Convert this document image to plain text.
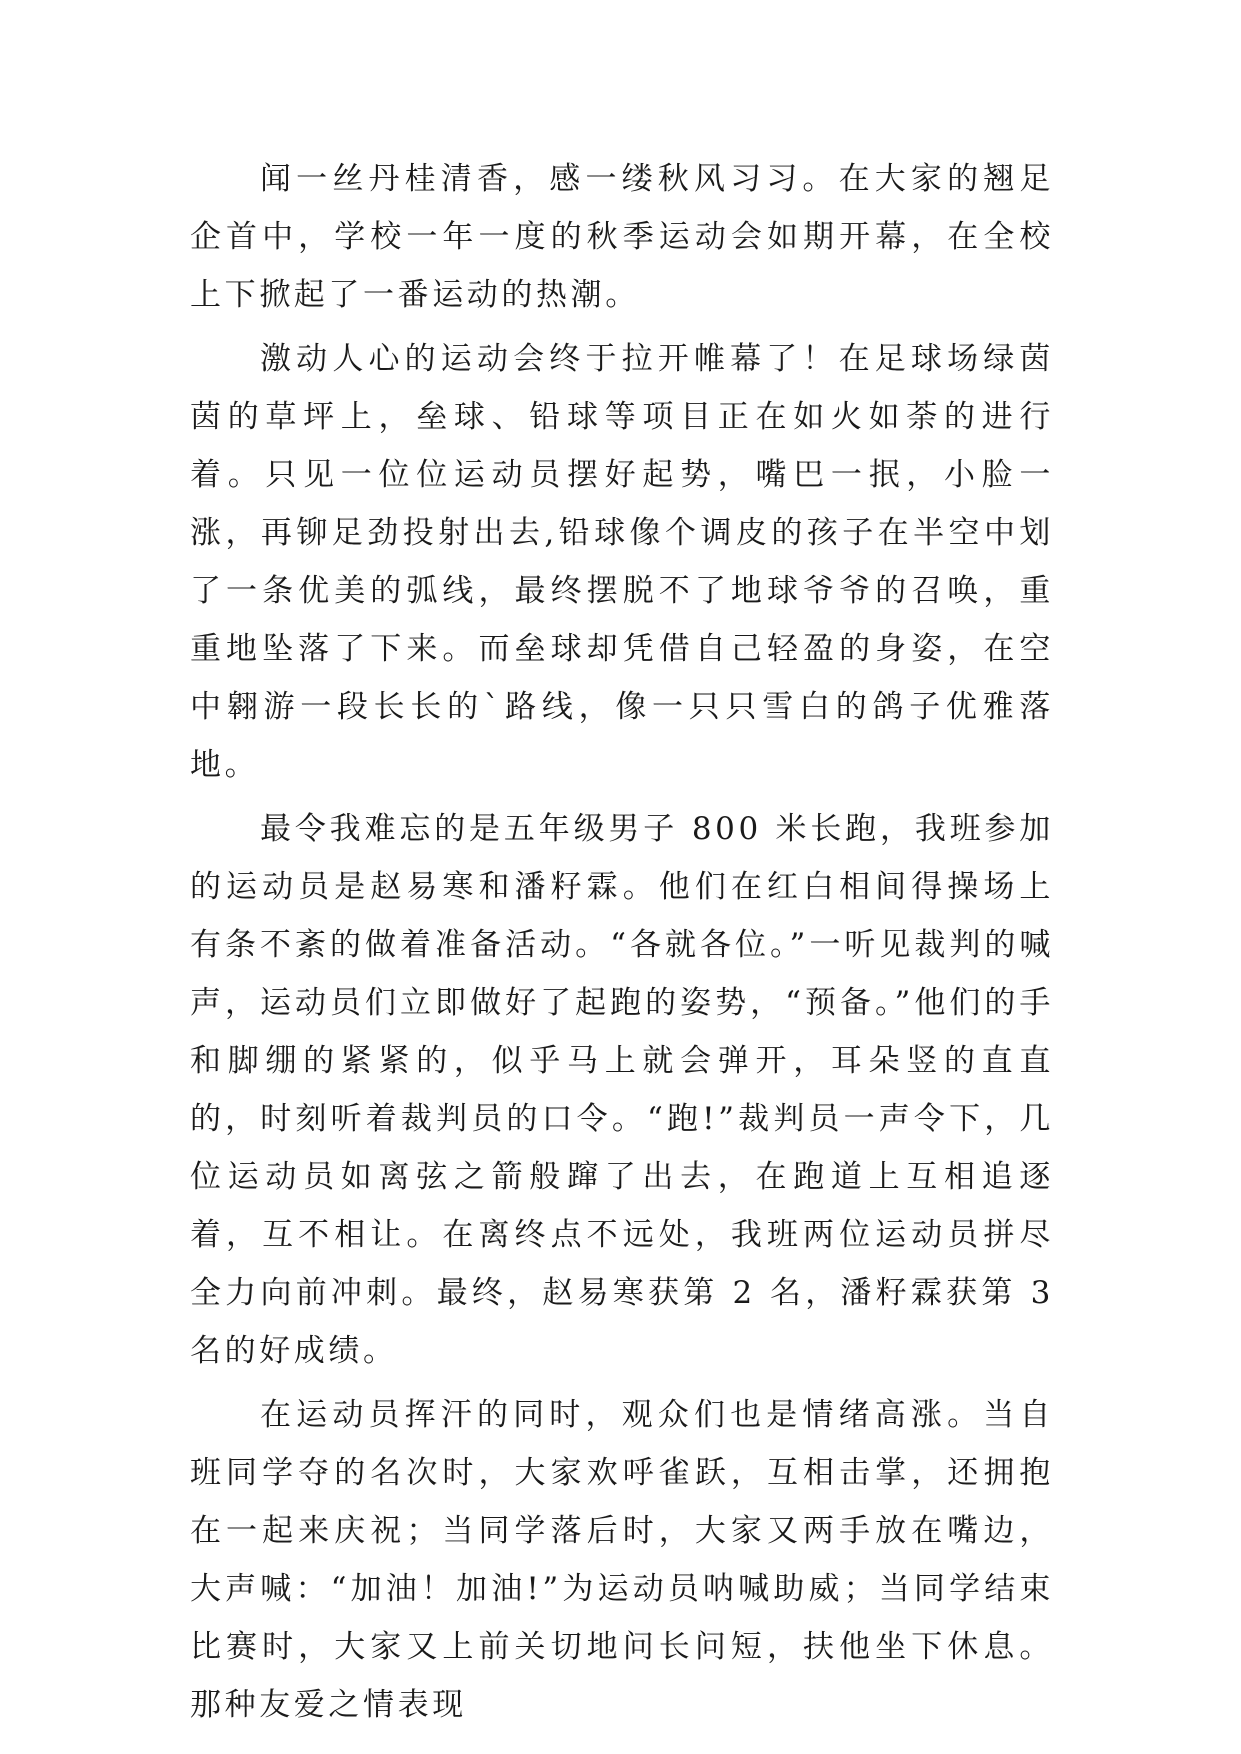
闻一丝丹桂清香，感一缕秋风习习。在大家的翘足企首中，学校一年一度的秋季运动会如期开幕，在全校上下掀起了一番运动的热潮。

激动人心的运动会终于拉开帷幕了！在足球场绿茵茵的草坪上，垒球、铅球等项目正在如火如荼的进行着。只见一位位运动员摆好起势，嘴巴一抿，小脸一涨，再铆足劲投射出去,铅球像个调皮的孩子在半空中划了一条优美的弧线，最终摆脱不了地球爷爷的召唤，重重地坠落了下来。而垒球却凭借自己轻盈的身姿，在空中翱游一段长长的`路线，像一只只雪白的鸽子优雅落地。

最令我难忘的是五年级男子 800 米长跑，我班参加的运动员是赵易寒和潘籽霖。他们在红白相间得操场上有条不紊的做着准备活动。“各就各位。”一听见裁判的喊声，运动员们立即做好了起跑的姿势，“预备。”他们的手和脚绷的紧紧的，似乎马上就会弹开，耳朵竖的直直的，时刻听着裁判员的口令。“跑!”裁判员一声令下，几位运动员如离弦之箭般蹿了出去，在跑道上互相追逐着，互不相让。在离终点不远处，我班两位运动员拼尽全力向前冲刺。最终，赵易寒获第 2 名，潘籽霖获第 3 名的好成绩。

在运动员挥汗的同时，观众们也是情绪高涨。当自班同学夺的名次时，大家欢呼雀跃，互相击掌，还拥抱在一起来庆祝；当同学落后时，大家又两手放在嘴边，大声喊：“加油！加油!”为运动员呐喊助威；当同学结束比赛时，大家又上前关切地问长问短，扶他坐下休息。那种友爱之情表现
